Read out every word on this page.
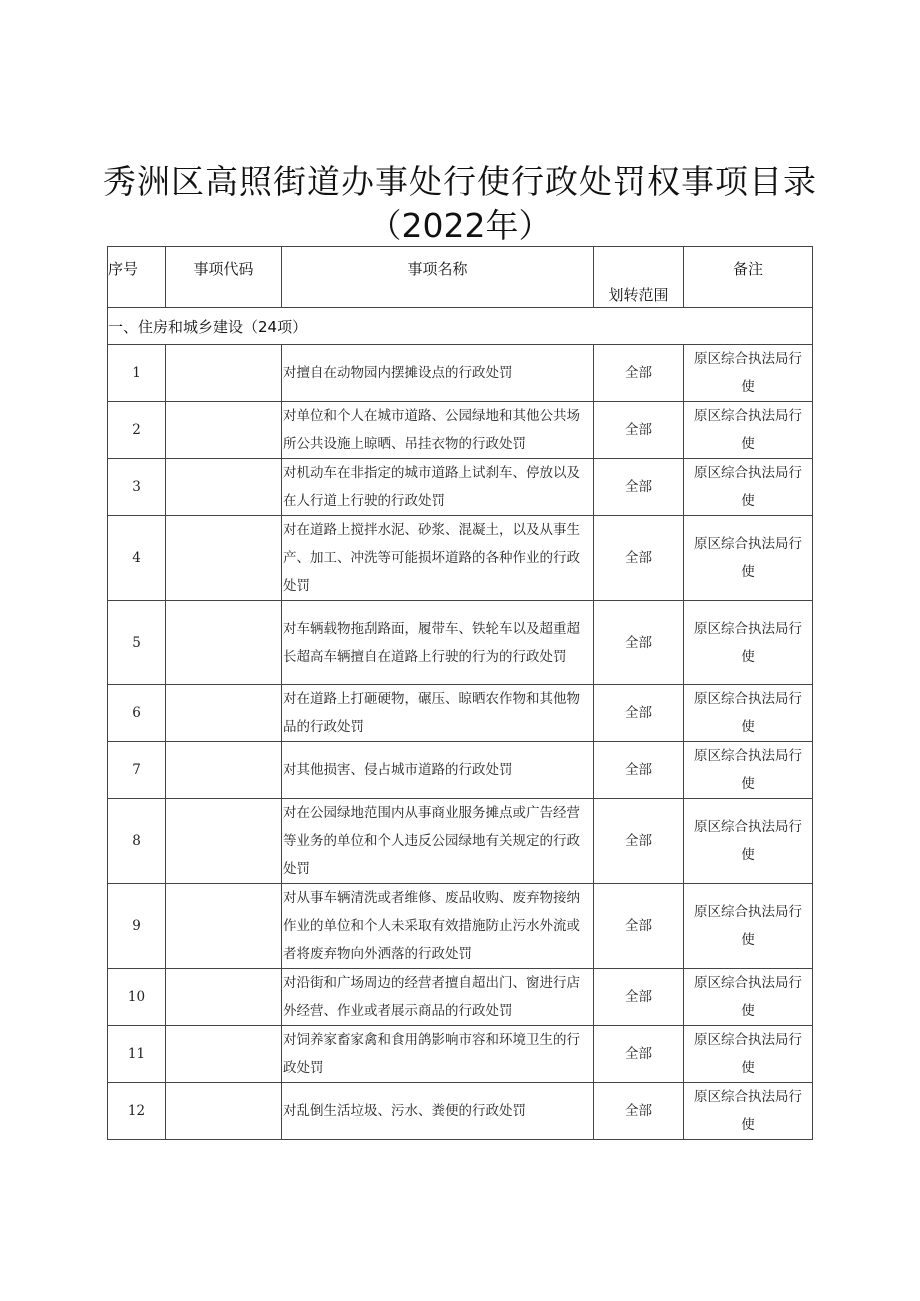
秀洲区高照街道办事处行使行政处罚权事项目录
（2022年）
序号	事项代码	事项名称	划转范围	备注

一、住房和城乡建设（24项）				
1		对擅自在动物园内摆摊设点的行政处罚	全部	原区综合执法局行使
2		对单位和个人在城市道路、公园绿地和其他公共场所公共设施上晾晒、吊挂衣物的行政处罚	全部	原区综合执法局行使
3		对机动车在非指定的城市道路上试刹车、停放以及在人行道上行驶的行政处罚	全部	原区综合执法局行使
4		对在道路上搅拌水泥、砂浆、混凝土，以及从事生产、加工、冲洗等可能损坏道路的各种作业的行政处罚	全部	原区综合执法局行使
5		对车辆载物拖刮路面，履带车、铁轮车以及超重超长超高车辆擅自在道路上行驶的行为的行政处罚	全部	原区综合执法局行使
6		对在道路上打砸硬物，碾压、晾晒农作物和其他物品的行政处罚	全部	原区综合执法局行使
7		对其他损害、侵占城市道路的行政处罚	全部	原区综合执法局行使
8		对在公园绿地范围内从事商业服务摊点或广告经营等业务的单位和个人违反公园绿地有关规定的行政处罚	全部	原区综合执法局行使
9		对从事车辆清洗或者维修、废品收购、废弃物接纳作业的单位和个人未采取有效措施防止污水外流或者将废弃物向外洒落的行政处罚	全部	原区综合执法局行使
10		对沿街和广场周边的经营者擅自超出门、窗进行店外经营、作业或者展示商品的行政处罚	全部	原区综合执法局行使
11		对饲养家畜家禽和食用鸽影响市容和环境卫生的行政处罚	全部	原区综合执法局行使
12		对乱倒生活垃圾、污水、粪便的行政处罚	全部	原区综合执法局行使
